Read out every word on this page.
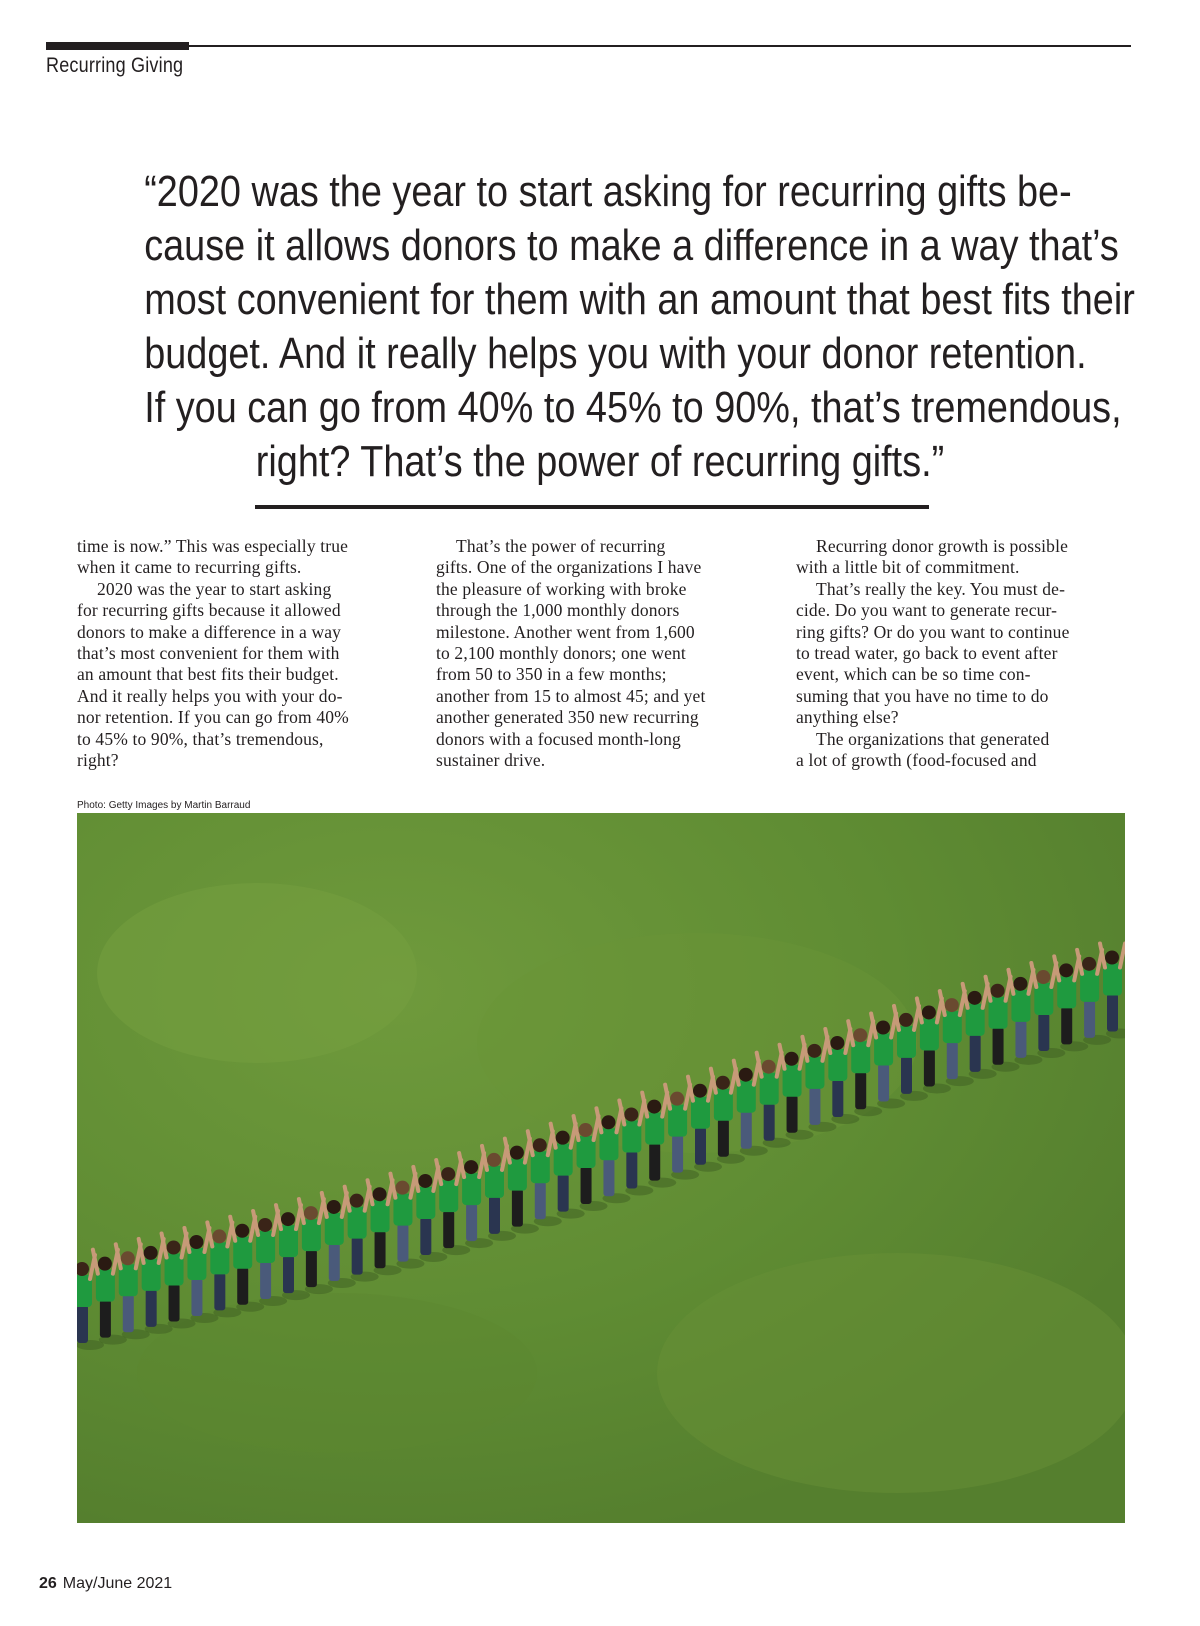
Recurring Giving
“2020 was the year to start asking for recurring gifts be-
cause it allows donors to make a difference in a way that’s
most convenient for them with an amount that best fits their
budget. And it really helps you with your donor retention.
If you can go from 40% to 45% to 90%, that’s tremendous,
right? That’s the power of recurring gifts.”

time is now.” This was especially true

when it came to recurring gifts.

2020 was the year to start asking

for recurring gifts because it allowed

donors to make a difference in a way

that’s most convenient for them with

an amount that best fits their budget.

And it really helps you with your do-

nor retention. If you can go from 40%

to 45% to 90%, that’s tremendous,

right?

That’s the power of recurring

gifts. One of the organizations I have

the pleasure of working with broke

through the 1,000 monthly donors

milestone. Another went from 1,600

to 2,100 monthly donors; one went

from 50 to 350 in a few months;

another from 15 to almost 45; and yet

another generated 350 new recurring

donors with a focused month-long

sustainer drive.

Recurring donor growth is possible

with a little bit of commitment.

That’s really the key. You must de-

cide. Do you want to generate recur-

ring gifts? Or do you want to continue

to tread water, go back to event after

event, which can be so time con-

suming that you have no time to do

anything else?

The organizations that generated

a lot of growth (food-focused and

Photo: Getty Images by Martin Barraud
26 May/June 2021
